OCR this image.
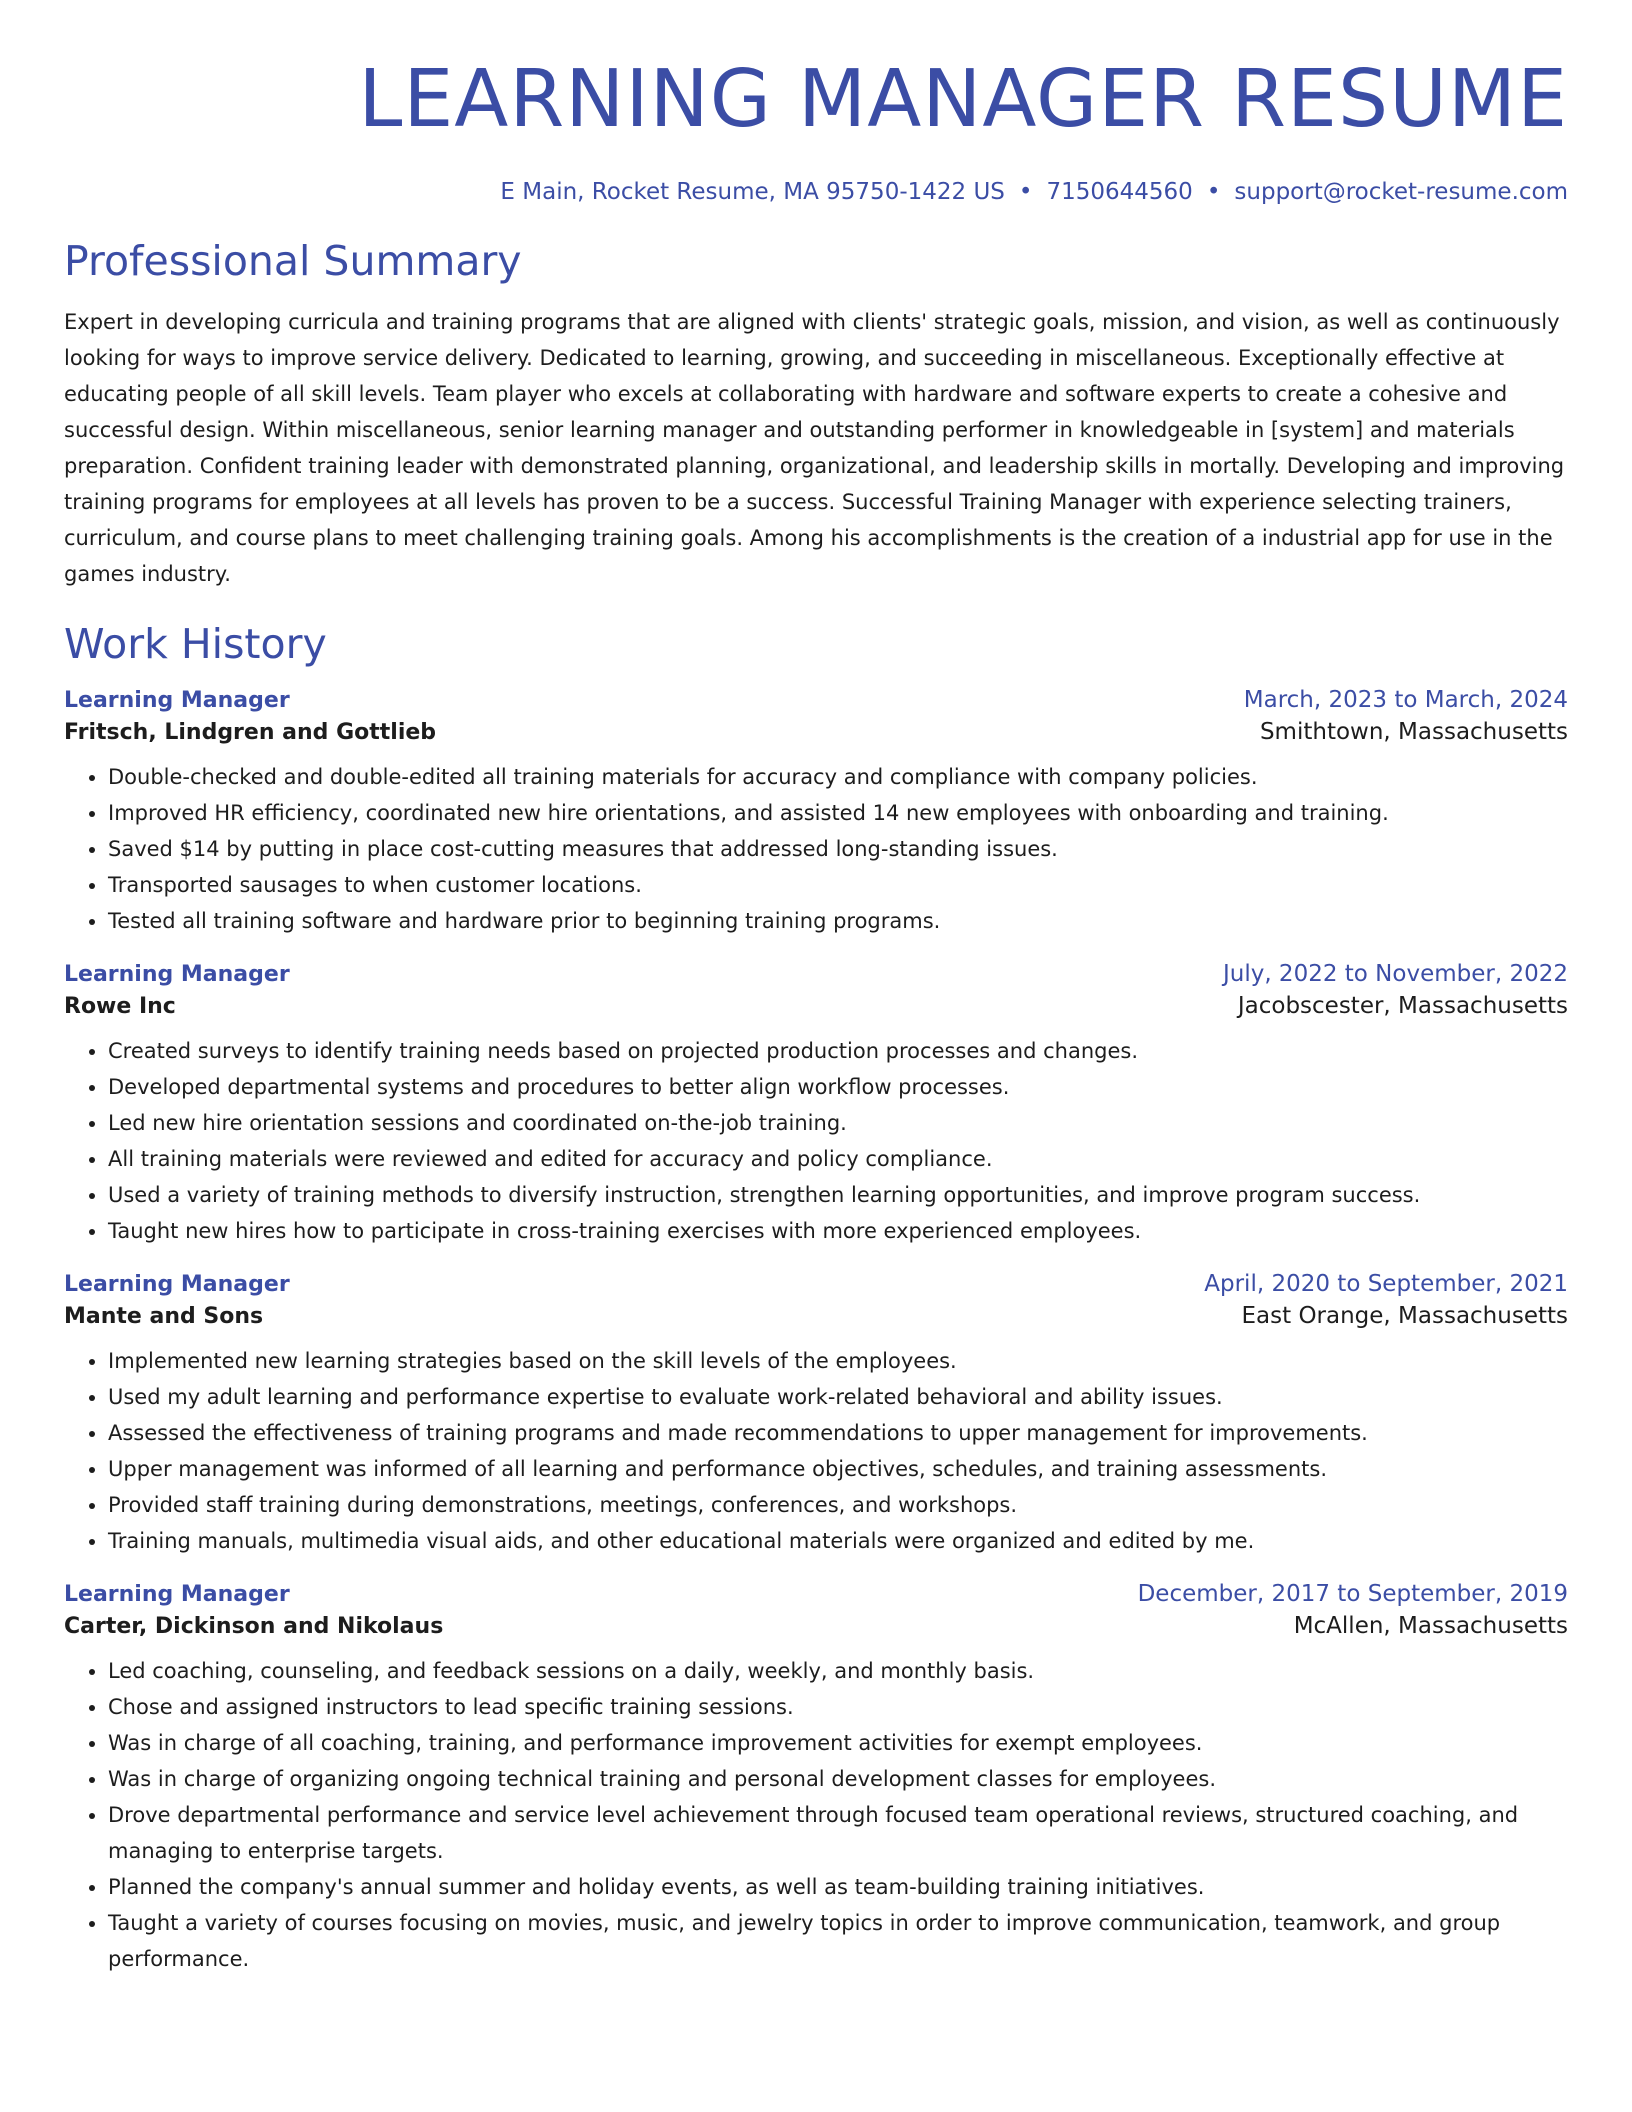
LEARNING MANAGER RESUME
E Main, Rocket Resume, MA 95750-1422 US • 7150644560 • support@rocket-resume.com
Professional Summary

Expert in developing curricula and training programs that are aligned with clients' strategic goals, mission, and vision, as well as continuously looking for ways to improve service delivery. Dedicated to learning, growing, and succeeding in miscellaneous. Exceptionally effective at educating people of all skill levels. Team player who excels at collaborating with hardware and software experts to create a cohesive and successful design. Within miscellaneous, senior learning manager and outstanding performer in knowledgeable in [system] and materials preparation. Confident training leader with demonstrated planning, organizational, and leadership skills in mortally. Developing and improving training programs for employees at all levels has proven to be a success. Successful Training Manager with experience selecting trainers, curriculum, and course plans to meet challenging training goals. Among his accomplishments is the creation of a industrial app for use in the games industry.

Work History
Learning Manager	March, 2023 to March, 2024
Fritsch, Lindgren and Gottlieb	Smithtown, Massachusetts
• Double-checked and double-edited all training materials for accuracy and compliance with company policies.
• Improved HR efficiency, coordinated new hire orientations, and assisted 14 new employees with onboarding and training.
• Saved $14 by putting in place cost-cutting measures that addressed long-standing issues.
• Transported sausages to when customer locations.
• Tested all training software and hardware prior to beginning training programs.
Learning Manager	July, 2022 to November, 2022
Rowe Inc	Jacobscester, Massachusetts
• Created surveys to identify training needs based on projected production processes and changes.
• Developed departmental systems and procedures to better align workflow processes.
• Led new hire orientation sessions and coordinated on-the-job training.
• All training materials were reviewed and edited for accuracy and policy compliance.
• Used a variety of training methods to diversify instruction, strengthen learning opportunities, and improve program success.
• Taught new hires how to participate in cross-training exercises with more experienced employees.
Learning Manager	April, 2020 to September, 2021
Mante and Sons	East Orange, Massachusetts
• Implemented new learning strategies based on the skill levels of the employees.
• Used my adult learning and performance expertise to evaluate work-related behavioral and ability issues.
• Assessed the effectiveness of training programs and made recommendations to upper management for improvements.
• Upper management was informed of all learning and performance objectives, schedules, and training assessments.
• Provided staff training during demonstrations, meetings, conferences, and workshops.
• Training manuals, multimedia visual aids, and other educational materials were organized and edited by me.
Learning Manager	December, 2017 to September, 2019
Carter, Dickinson and Nikolaus	McAllen, Massachusetts
• Led coaching, counseling, and feedback sessions on a daily, weekly, and monthly basis.
• Chose and assigned instructors to lead specific training sessions.
• Was in charge of all coaching, training, and performance improvement activities for exempt employees.
• Was in charge of organizing ongoing technical training and personal development classes for employees.
• Drove departmental performance and service level achievement through focused team operational reviews, structured coaching, and managing to enterprise targets.
• Planned the company's annual summer and holiday events, as well as team-building training initiatives.
• Taught a variety of courses focusing on movies, music, and jewelry topics in order to improve communication, teamwork, and group performance.
